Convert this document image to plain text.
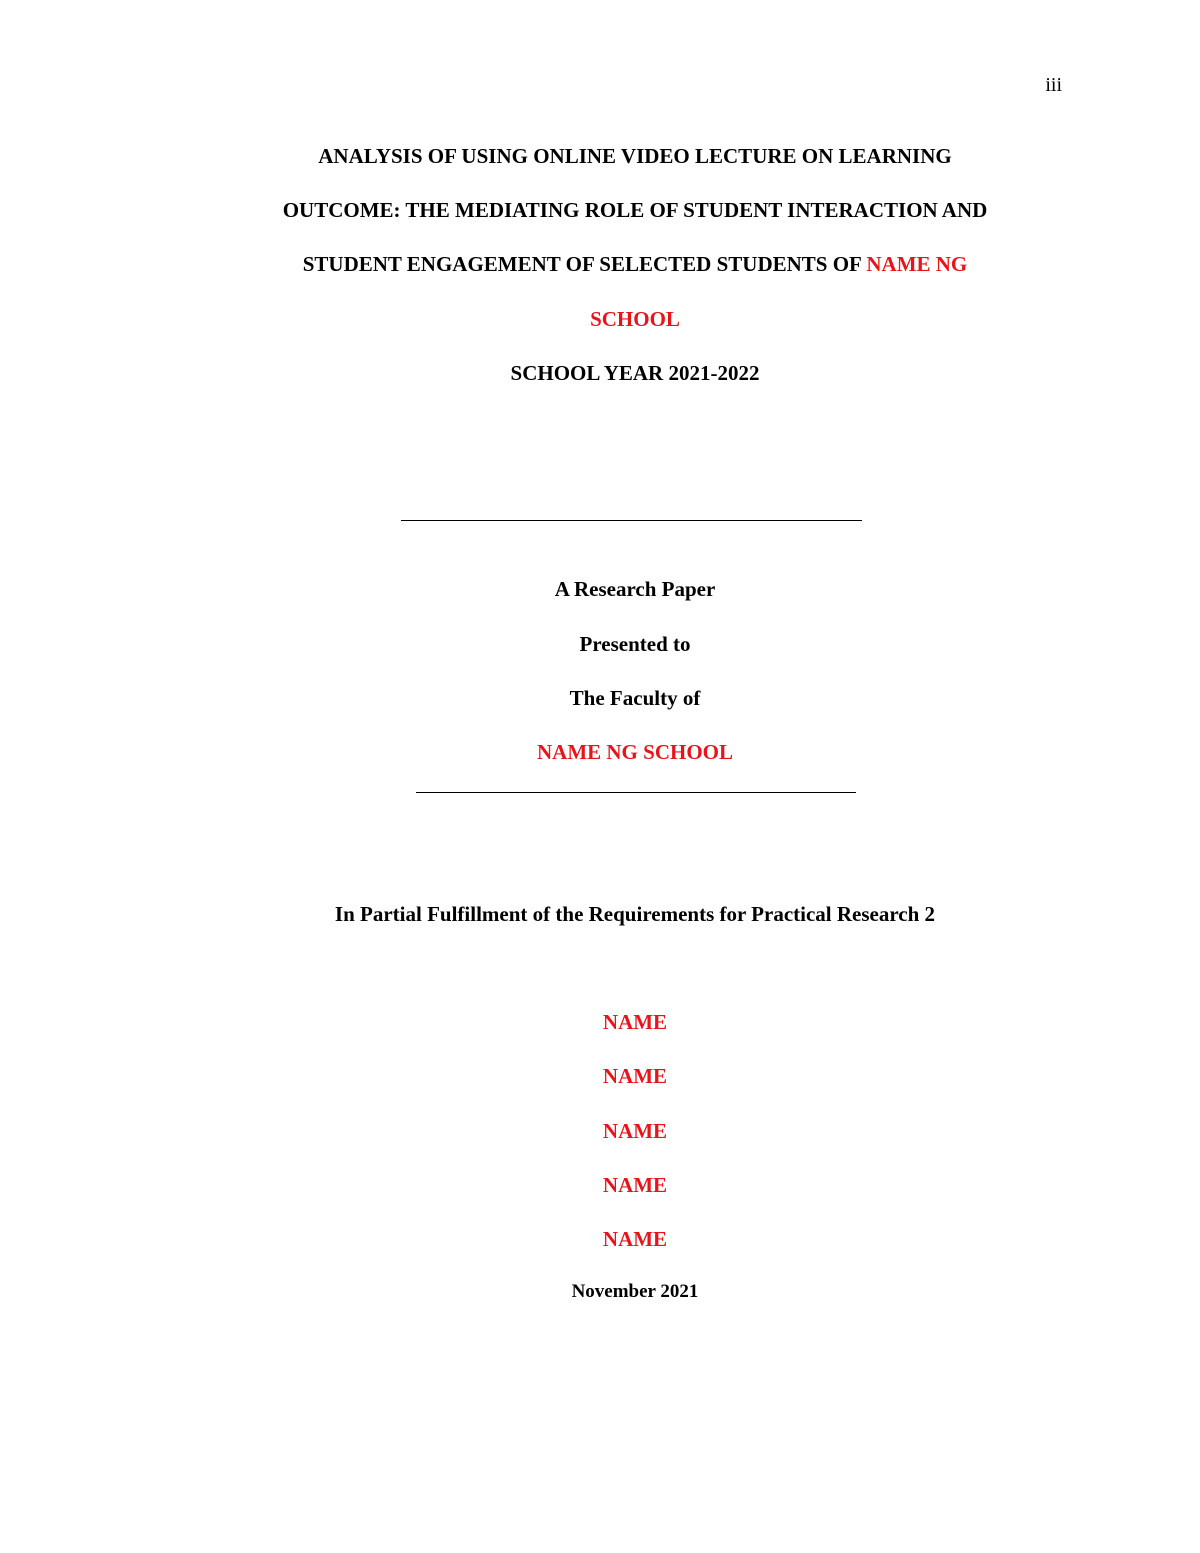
iii
ANALYSIS OF USING ONLINE VIDEO LECTURE ON LEARNING
OUTCOME: THE MEDIATING ROLE OF STUDENT INTERACTION AND
STUDENT ENGAGEMENT OF SELECTED STUDENTS OF NAME NG
SCHOOL
SCHOOL YEAR 2021-2022
A Research Paper
Presented to
The Faculty of
NAME NG SCHOOL
In Partial Fulfillment of the Requirements for Practical Research 2
NAME
NAME
NAME
NAME
NAME
November 2021
